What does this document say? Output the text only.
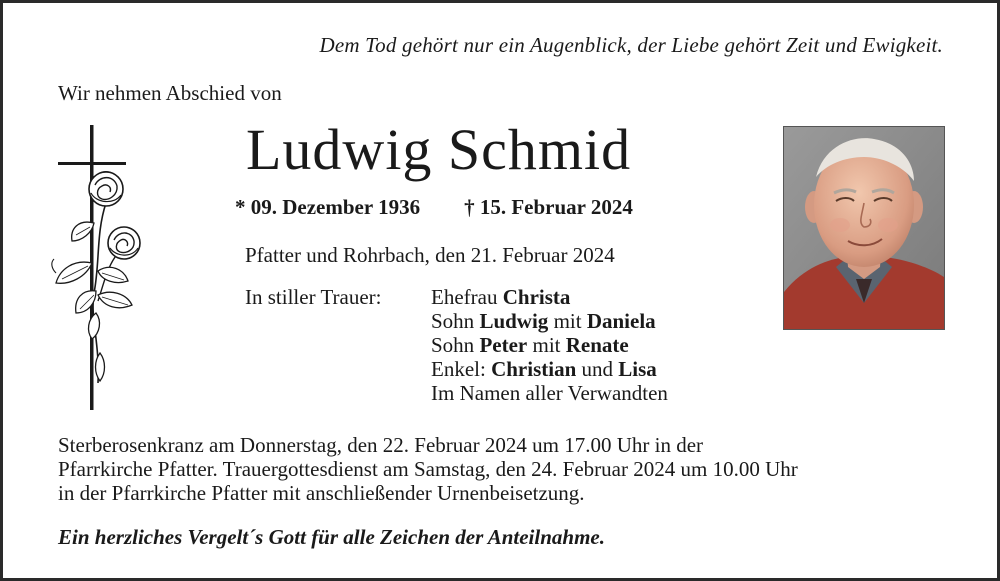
Dem Tod gehört nur ein Augenblick, der Liebe gehört Zeit und Ewigkeit.
Wir nehmen Abschied von
Ludwig Schmid
* 09. Dezember 1936 † 15. Februar 2024
Pfatter und Rohrbach, den 21. Februar 2024
In stiller Trauer: Ehefrau Christa
Sohn Ludwig mit Daniela
Sohn Peter mit Renate
Enkel: Christian und Lisa
Im Namen aller Verwandten
Sterberosenkranz am Donnerstag, den 22. Februar 2024 um 17.00 Uhr in der
Pfarrkirche Pfatter. Trauergottesdienst am Samstag, den 24. Februar 2024 um 10.00 Uhr
in der Pfarrkirche Pfatter mit anschließender Urnenbeisetzung.
Ein herzliches Vergelt´s Gott für alle Zeichen der Anteilnahme.
